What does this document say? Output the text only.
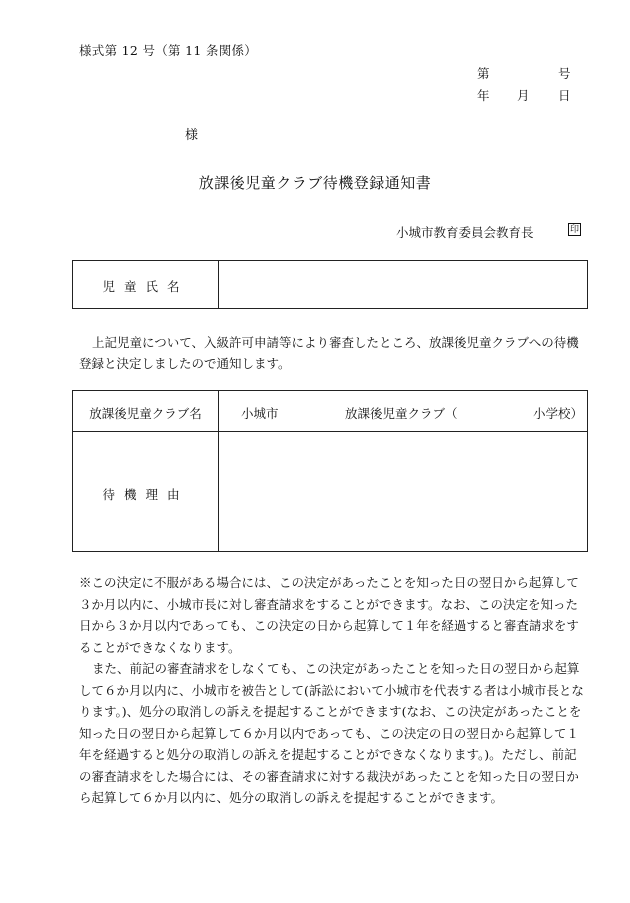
様式第 12 号（第 11 条関係）
第	号
年 月 日
様
放課後児童クラブ待機登録通知書
小城市教育委員会教育長	印
児童氏名
上記児童について、入級許可申請等により審査したところ、放課後児童クラブへの待機登録と決定しましたので通知します。
放課後児童クラブ名	小城市	放課後児童クラブ（	小学校）
待機理由

※この決定に不服がある場合には、この決定があったことを知った日の翌日から起算して３か月以内に、小城市長に対し審査請求をすることができます。なお、この決定を知った日から３か月以内であっても、この決定の日から起算して１年を経過すると審査請求をすることができなくなります。

また、前記の審査請求をしなくても、この決定があったことを知った日の翌日から起算して６か月以内に、小城市を被告として(訴訟において小城市を代表する者は小城市長となります。)、処分の取消しの訴えを提起することができます(なお、この決定があったことを知った日の翌日から起算して６か月以内であっても、この決定の日の翌日から起算して１年を経過すると処分の取消しの訴えを提起することができなくなります。)。ただし、前記の審査請求をした場合には、その審査請求に対する裁決があったことを知った日の翌日から起算して６か月以内に、処分の取消しの訴えを提起することができます。
